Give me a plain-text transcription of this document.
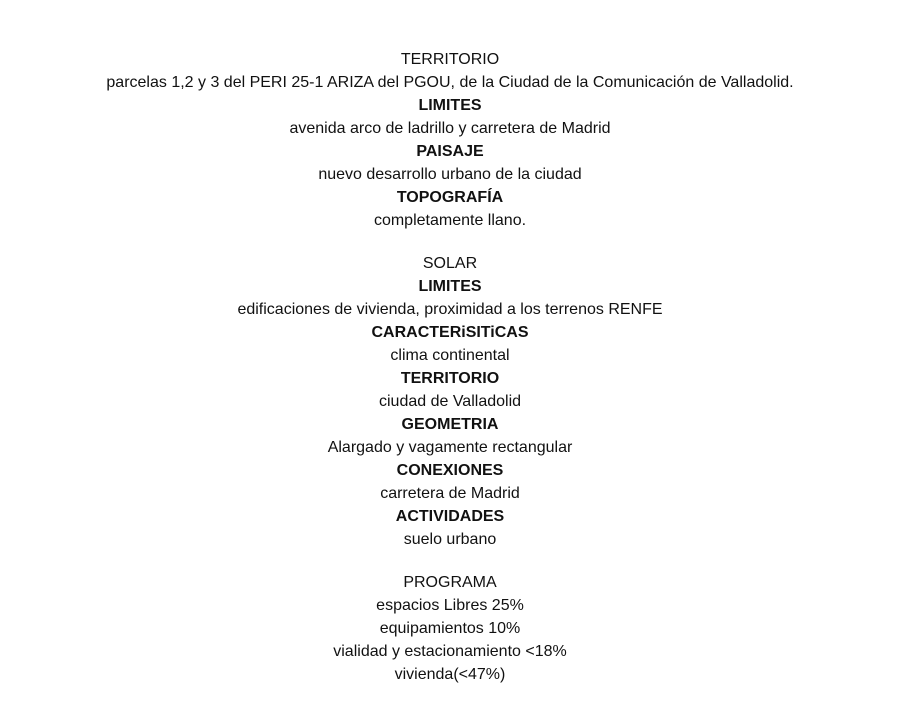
TERRITORIO
parcelas 1,2 y 3 del PERI 25-1 ARIZA del PGOU, de la Ciudad de la Comunicación de Valladolid.
LIMITES
avenida arco de ladrillo y carretera de Madrid
PAISAJE
nuevo desarrollo urbano de la ciudad
TOPOGRAFÍA
completamente llano.
SOLAR
LIMITES
edificaciones de vivienda, proximidad a los terrenos RENFE
CARACTERiSITiCAS
clima continental
TERRITORIO
ciudad de Valladolid
GEOMETRIA
Alargado y vagamente rectangular
CONEXIONES
carretera de Madrid
ACTIVIDADES
suelo urbano
PROGRAMA
espacios Libres 25%
equipamientos 10%
vialidad y estacionamiento <18%
vivienda(<47%)
